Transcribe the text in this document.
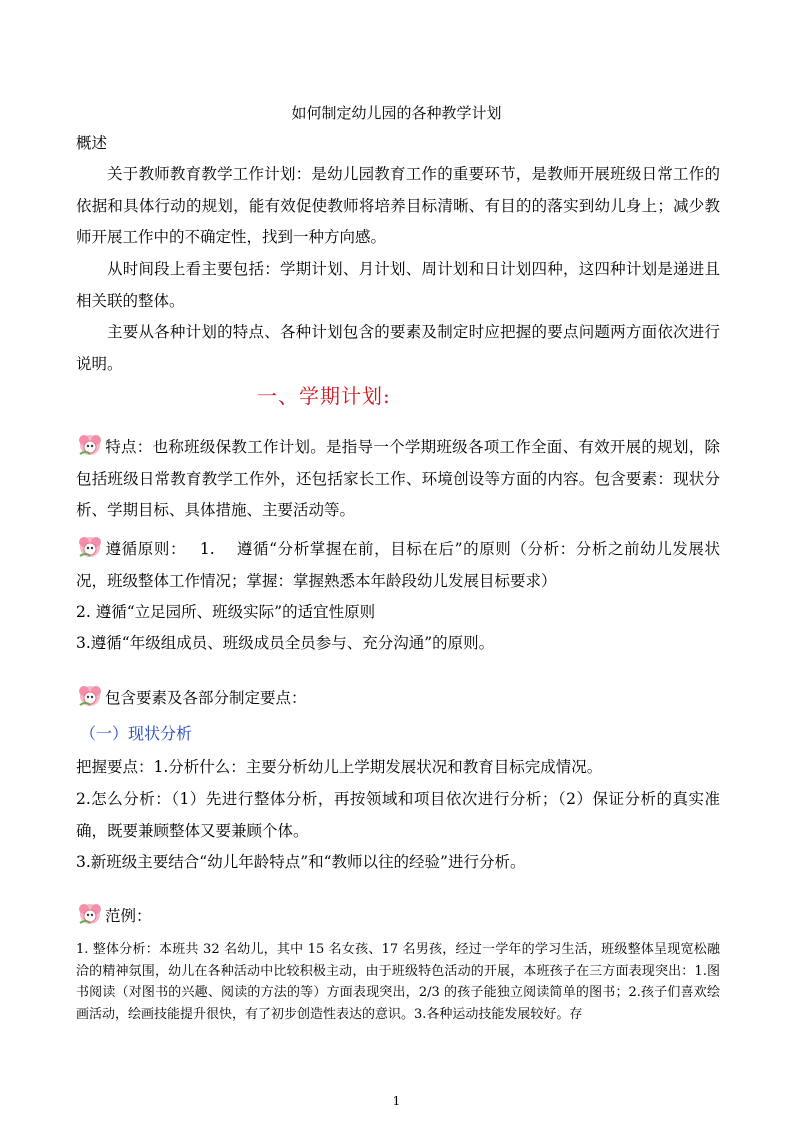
如何制定幼儿园的各种教学计划

概述

关于教师教育教学工作计划：是幼儿园教育工作的重要环节，是教师开展班级日常工作的依据和具体行动的规划，能有效促使教师将培养目标清晰、有目的的落实到幼儿身上；减少教师开展工作中的不确定性，找到一种方向感。

从时间段上看主要包括：学期计划、月计划、周计划和日计划四种，这四种计划是递进且相关联的整体。

主要从各种计划的特点、各种计划包含的要素及制定时应把握的要点问题两方面依次进行说明。

一、学期计划:

特点：也称班级保教工作计划。是指导一个学期班级各项工作全面、有效开展的规划，除包括班级日常教育教学工作外，还包括家长工作、环境创设等方面的内容。包含要素：现状分析、学期目标、具体措施、主要活动等。

遵循原则：　 1.　 遵循“分析掌握在前，目标在后”的原则（分析：分析之前幼儿发展状况，班级整体工作情况；掌握：掌握熟悉本年龄段幼儿发展目标要求）

2. 遵循“立足园所、班级实际”的适宜性原则

3.遵循“年级组成员、班级成员全员参与、充分沟通”的原则。

包含要素及各部分制定要点：

（一）现状分析

把握要点：1.分析什么：主要分析幼儿上学期发展状况和教育目标完成情况。

2.怎么分析：（1）先进行整体分析，再按领域和项目依次进行分析；（2）保证分析的真实准确，既要兼顾整体又要兼顾个体。

3.新班级主要结合“幼儿年龄特点”和“教师以往的经验”进行分析。

范例：

1. 整体分析：本班共 32 名幼儿，其中 15 名女孩、17 名男孩，经过一学年的学习生活，班级整体呈现宽松融洽的精神氛围，幼儿在各种活动中比较积极主动，由于班级特色活动的开展，本班孩子在三方面表现突出：1.图书阅读（对图书的兴趣、阅读的方法的等）方面表现突出，2/3 的孩子能独立阅读简单的图书；2.孩子们喜欢绘画活动，绘画技能提升很快，有了初步创造性表达的意识。3.各种运动技能发展较好。存

1
